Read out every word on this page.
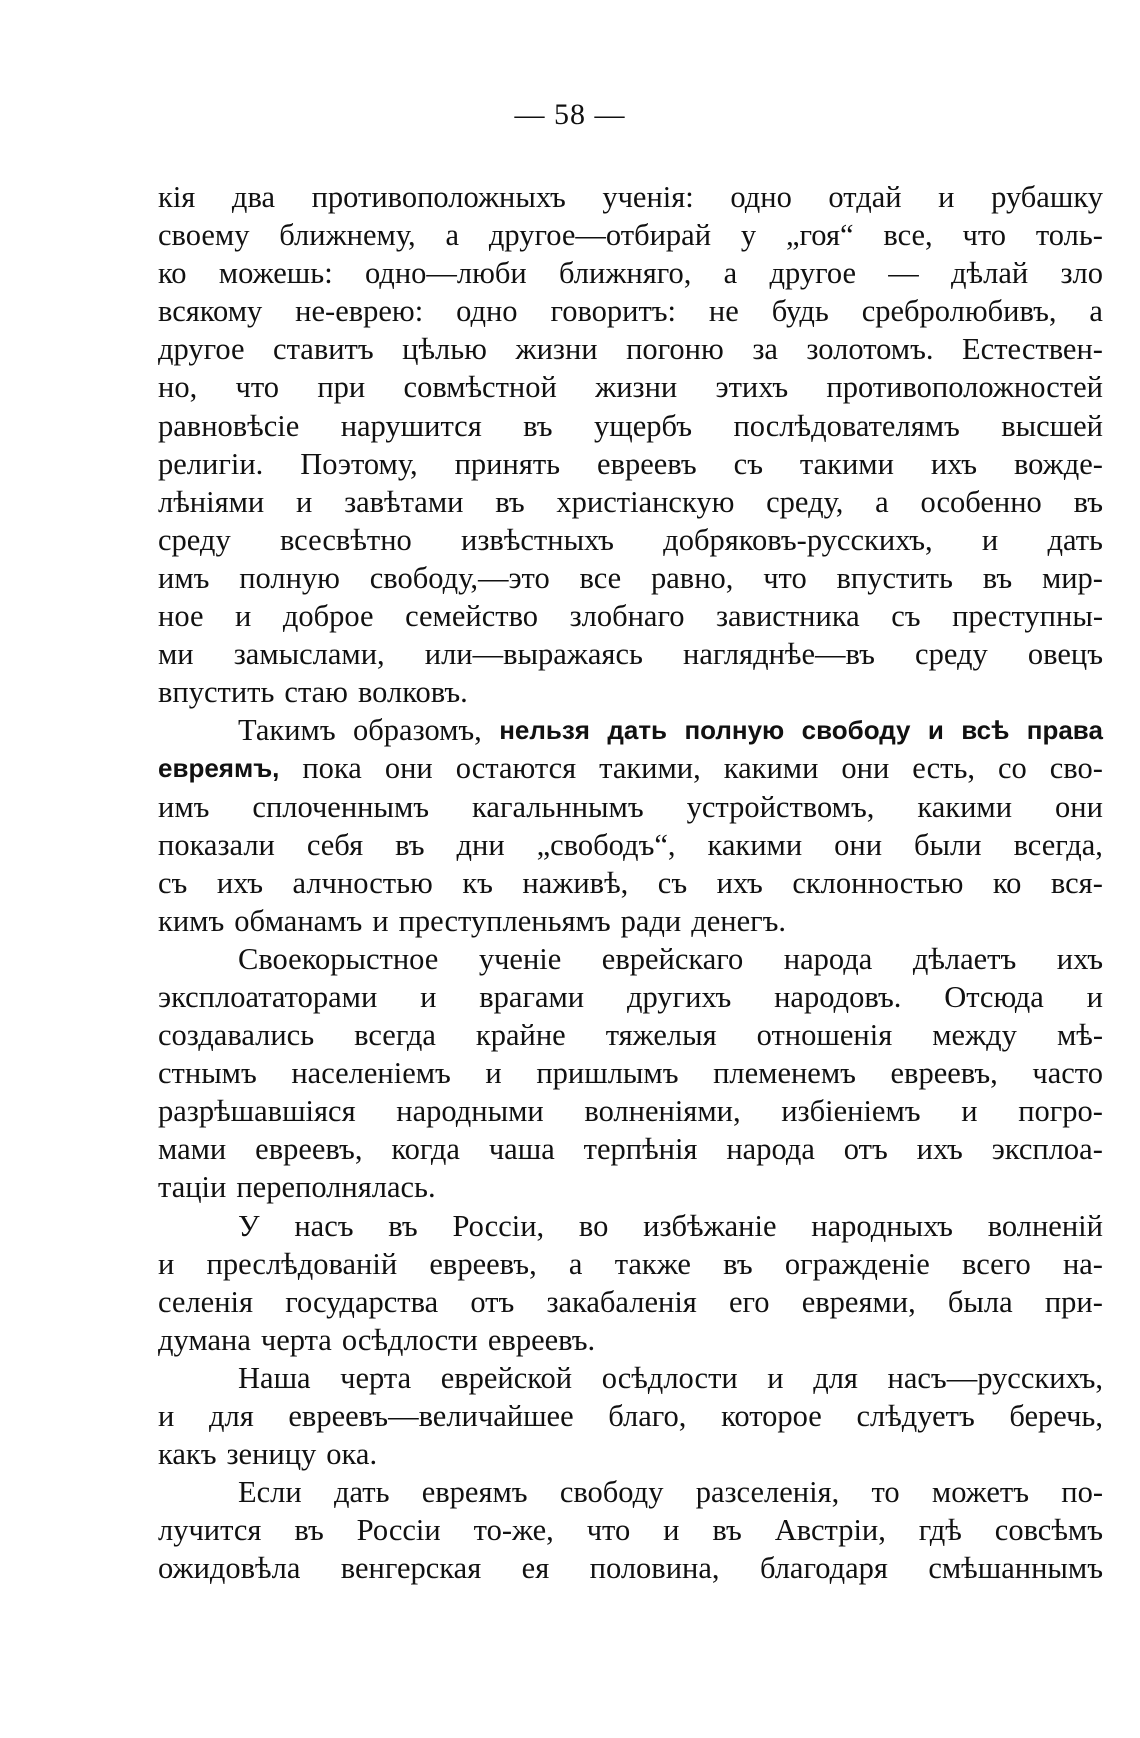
— 58 —
кія два противоположныхъ ученія: одно отдай и рубашку
своему ближнему, а другое—отбирай у „гоя“ все, что толь-
ко можешь: одно—люби ближняго, а другое — дѣлай зло
всякому не-еврею: одно говоритъ: не будь сребролюбивъ, а
другое ставитъ цѣлью жизни погоню за золотомъ. Естествен-
но, что при совмѣстной жизни этихъ противоположностей
равновѣсіе нарушится въ ущербъ послѣдователямъ высшей
религіи. Поэтому, принять евреевъ съ такими ихъ вожде-
лѣніями и завѣтами въ христіанскую среду, а особенно въ
среду всесвѣтно извѣстныхъ добряковъ-русскихъ, и дать
имъ полную свободу,—это все равно, что впустить въ мир-
ное и доброе семейство злобнаго завистника съ преступны-
ми замыслами, или—выражаясь нагляднѣе—въ среду овецъ
впустить стаю волковъ.
Такимъ образомъ, нельзя дать полную свободу и всѣ права
евреямъ, пока они остаются такими, какими они есть, со сво-
имъ сплоченнымъ кагальннымъ устройствомъ, какими они
показали себя въ дни „свободъ“, какими они были всегда,
съ ихъ алчностью къ наживѣ, съ ихъ склонностью ко вся-
кимъ обманамъ и преступленьямъ ради денегъ.
Своекорыстное ученіе еврейскаго народа дѣлаетъ ихъ
эксплоататорами и врагами другихъ народовъ. Отсюда и
создавались всегда крайне тяжелыя отношенія между мѣ-
стнымъ населеніемъ и пришлымъ племенемъ евреевъ, часто
разрѣшавшіяся народными волненіями, избіеніемъ и погро-
мами евреевъ, когда чаша терпѣнія народа отъ ихъ эксплоа-
таціи переполнялась.
У насъ въ Россіи, во избѣжаніе народныхъ волненій
и преслѣдованій евреевъ, а также въ огражденіе всего на-
селенія государства отъ закабаленія его евреями, была при-
думана черта осѣдлости евреевъ.
Наша черта еврейской осѣдлости и для насъ—русскихъ,
и для евреевъ—величайшее благо, которое слѣдуетъ беречь,
какъ зеницу ока.
Если дать евреямъ свободу разселенія, то можетъ по-
лучится въ Россіи то-же, что и въ Австріи, гдѣ совсѣмъ
ожидовѣла венгерская ея половина, благодаря смѣшаннымъ
